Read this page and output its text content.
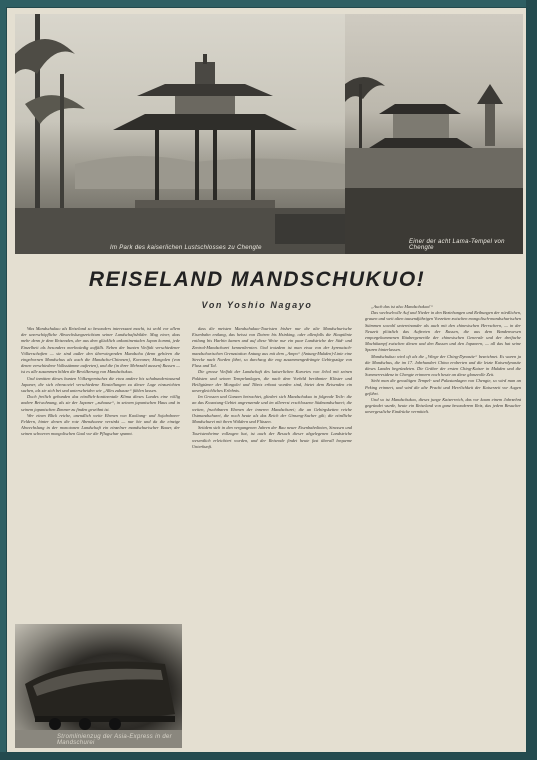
Im Park des kaiserlichen Lustschlosses zu Chengte
Einer der acht Lama-Tempel von Chengte
REISELAND MANDSCHUKUO!
Von Yoshio Nagayo

Was Mandschukuo als Reiseland so besonders interessant macht, ist wohl vor allem der unerschöpfliche Abwechslungsreichtum seiner Landschaftsbilder. Mag einer, dass mehr denn je dem Reisenden, der aus dem glücklich unkontinentalen Japan kommt, jede Einzelheit als besonders merkwürdig auffällt. Neben der bunten Vielfalt verschiedener Völkerschaften — sie sind außer den überwiegenden Mandschu (denn gehören die eingebornen Mandschus als auch die Mandschu-Chinesen), Koreaner, Mongolen (von denen verschiedene Volksstämme auftreten), und die (in ihrer Mehrzahl aussen) Russen — ist es alle zusammen bilden die Bevölkerung von Mandschukuo.

Und inmitten dieses bunten Völkergemisches die etwa andere bis schabundertausend Japaner, die sich ebensoviel verschiedene Einstellungen zu dieser Lage einzurichten suchen, als sie sich bei und unterscheiden wie „Alles zuhause“ fühlen lassen.

Doch freilich gebunden das nördlich-kontinentale Klima dieses Landes eine völlig andere Beiwohnung, als sie der Japaner „zuhause“, in seinem japanischen Haus und in seinem japanischen Zimmer zu finden gewöhnt ist.

Wer einen Blick reiche, unendlich weite Ebenen von Kaoliang- und Sojabohnen-Feldern, hinter denen die rote Abendsonne versinkt — nur hie und da die einzige Abwechslung in der monotonen Landschaft ein einzelner mandschurischer Bauer, der seinen schweren mongolischen Gaul vor die Pflugschar spannt.

dass die meisten Mandschukuo-Touristen bisher nur die alte Mandschurische Eisenbahn entlang, das heisst von Dairen bis Hsinking, oder allenfalls die Hauptlinie entlang bis Harbin kamen und auf diese Weise nur ein paar Landstriche der Süd- und Zentral-Mandschurei kennenlernten. Und trotzdem ist man etwa von der kyrenaisch-mandschurischen Grenzstation Antung aus mit dem „Ampo“ (Antung-Mukden)-Linie eine Strecke nach Norden fährt, so durchzog die eng zusammengedrängte Gebirgszüge von Fluss und Tal.

Die grosse Vielfalt der Landschaft des kaiserlichen Kurortes von Jehol mit seinen Palästen und seinen Tempelanlagen, die nach dem Vorbild berühmter Klöster und Heiligtümer der Mongolei und Tibets erbaut worden sind, bietet dem Reisenden ein unvergleichliches Erlebnis.

Im Grossen und Ganzen betrachtet, gliedert sich Mandschukuo in folgende Teile: die an das Kwantung-Gebiet angrenzende und im allererst erschlossene Südmandschurei; die weiten, fruchtbaren Ebenen der inneren Mandschurei; die an Gebirgsketten reiche Ostmandschurei, die noch heute als das Reich der Ginseng-Sucher gilt; die nördliche Mandschurei mit ihren Wäldern und Flüssen.

Seitdem sich in den vergangenen Jahren der Bau neuer Eisenbahnlinien, Strassen und Touristenheime vollzogen hat, ist auch der Besuch dieser abgelegenen Landstriche wesentlich erleichtert worden, und der Reisende findet heute fast überall bequeme Unterkunft.

„Auch das ist also Mandschukuo!“

Das wechselvolle Auf und Nieder in den Beziehungen und Reibungen der nördlichen, grauen und weit alten tausendjährigen Vorzeiten zwischen mongolisch-mandschurischen Stämmen sowohl untereinander als auch mit den chinesischen Herrschern, — in der Neuzeit plötzlich das Auftreten der Russen, die aus dem Bandenwesen emporgekommenen Räubergeneräle der chinesischen Generale und der dreifache Machtkampf zwischen diesen und den Russen und den Japanern, — all das hat seine Spuren hinterlassen.

Mandschukuo wird oft als die „Wiege der Ching-Dynastie“ bezeichnet. Es waren ja die Mandschus, die im 17. Jahrhundert China eroberten und die letzte Kaiserdynastie dieses Landes begründeten. Die Gräber der ersten Ching-Kaiser in Mukden und die Sommerresidenz in Chengte erinnern noch heute an diese glanzvolle Zeit.

Sieht man die gewaltigen Tempel- und Palastanlagen von Chengte, so wird man an Peking erinnert, und wird die alte Pracht und Herrlichkeit der Kaiserzeit vor Augen geführt.

Und so ist Mandschukuo, dieses junge Kaiserreich, das vor kaum einem Jahrzehnt gegründet wurde, heute ein Reiseland von ganz besonderem Reiz, das jedem Besucher unvergessliche Eindrücke vermittelt.

Stromlinienzug der Asia-Express in der Mandschurei
